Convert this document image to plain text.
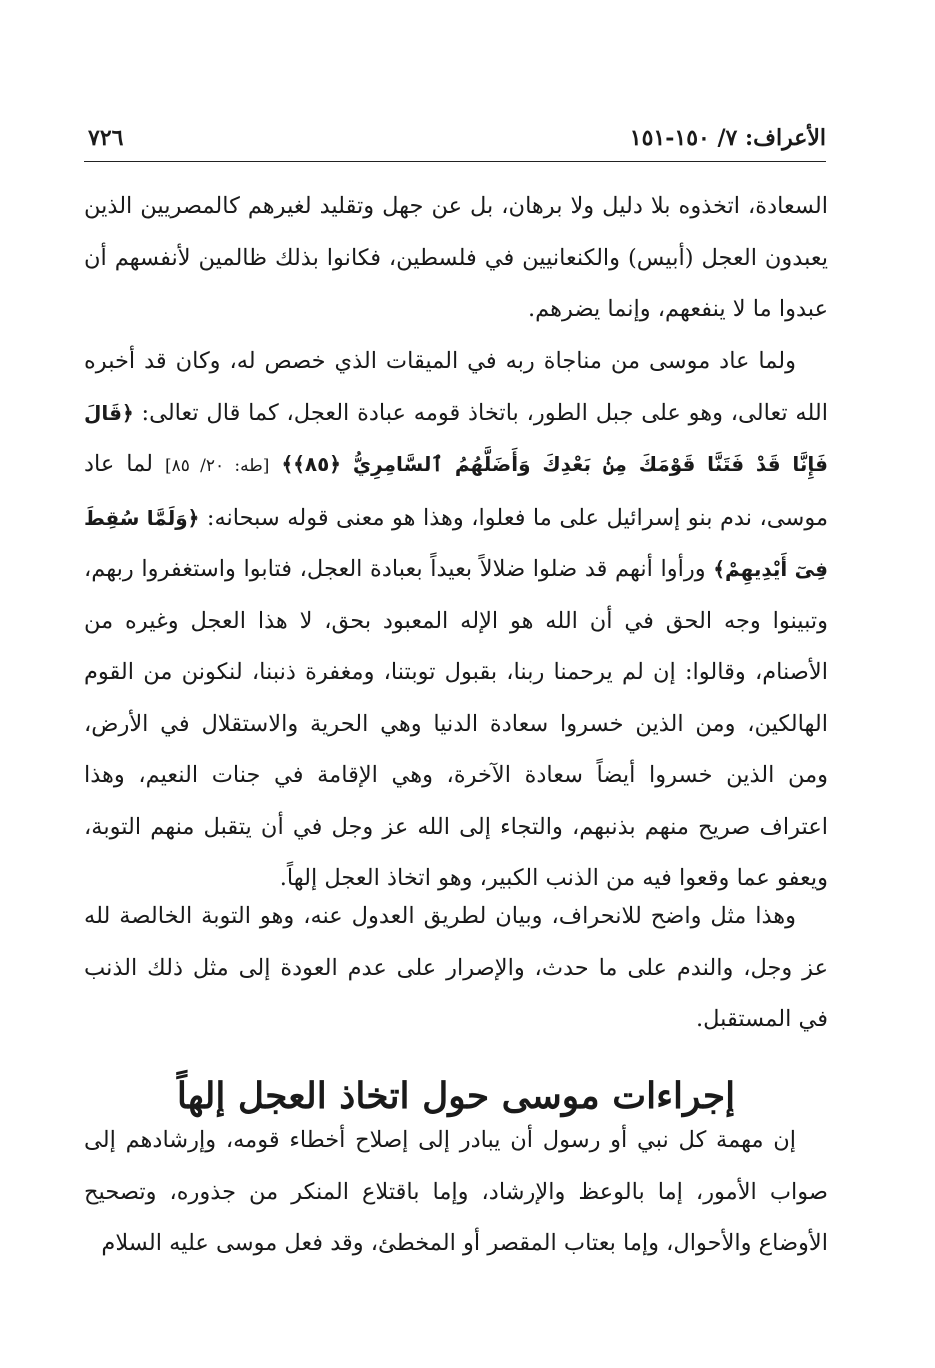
الأعراف: ٧/ ١٥٠-١٥١
٧٢٦

السعادة، اتخذوه بلا دليل ولا برهان، بل عن جهل وتقليد لغيرهم كالمصريين الذين يعبدون العجل (أبيس) والكنعانيين في فلسطين، فكانوا بذلك ظالمين لأنفسهم أن عبدوا ما لا ينفعهم، وإنما يضرهم.

ولما عاد موسى من مناجاة ربه في الميقات الذي خصص له، وكان قد أخبره الله تعالى، وهو على جبل الطور، باتخاذ قومه عبادة العجل، كما قال تعالى: ﴿قَالَ فَإِنَّا قَدْ فَتَنَّا قَوْمَكَ مِنۢ بَعْدِكَ وَأَضَلَّهُمُ ٱلسَّامِرِيُّ ﴿٨٥﴾﴾ [طه: ٢٠/ ٨٥] لما عاد موسى، ندم بنو إسرائيل على ما فعلوا، وهذا هو معنى قوله سبحانه: ﴿وَلَمَّا سُقِطَ فِىٓ أَيْدِيهِمْ﴾ ورأوا أنهم قد ضلوا ضلالاً بعيداً بعبادة العجل، فتابوا واستغفروا ربهم، وتبينوا وجه الحق في أن الله هو الإله المعبود بحق، لا هذا العجل وغيره من الأصنام، وقالوا: إن لم يرحمنا ربنا، بقبول توبتنا، ومغفرة ذنبنا، لنكونن من القوم الهالكين، ومن الذين خسروا سعادة الدنيا وهي الحرية والاستقلال في الأرض، ومن الذين خسروا أيضاً سعادة الآخرة، وهي الإقامة في جنات النعيم، وهذا اعتراف صريح منهم بذنبهم، والتجاء إلى الله عز وجل في أن يتقبل منهم التوبة، ويعفو عما وقعوا فيه من الذنب الكبير، وهو اتخاذ العجل إلهاً.

وهذا مثل واضح للانحراف، وبيان لطريق العدول عنه، وهو التوبة الخالصة لله عز وجل، والندم على ما حدث، والإصرار على عدم العودة إلى مثل ذلك الذنب في المستقبل.

إجراءات موسى حول اتخاذ العجل إلهاً

إن مهمة كل نبي أو رسول أن يبادر إلى إصلاح أخطاء قومه، وإرشادهم إلى صواب الأمور، إما بالوعظ والإرشاد، وإما باقتلاع المنكر من جذوره، وتصحيح الأوضاع والأحوال، وإما بعتاب المقصر أو المخطئ، وقد فعل موسى عليه السلام
